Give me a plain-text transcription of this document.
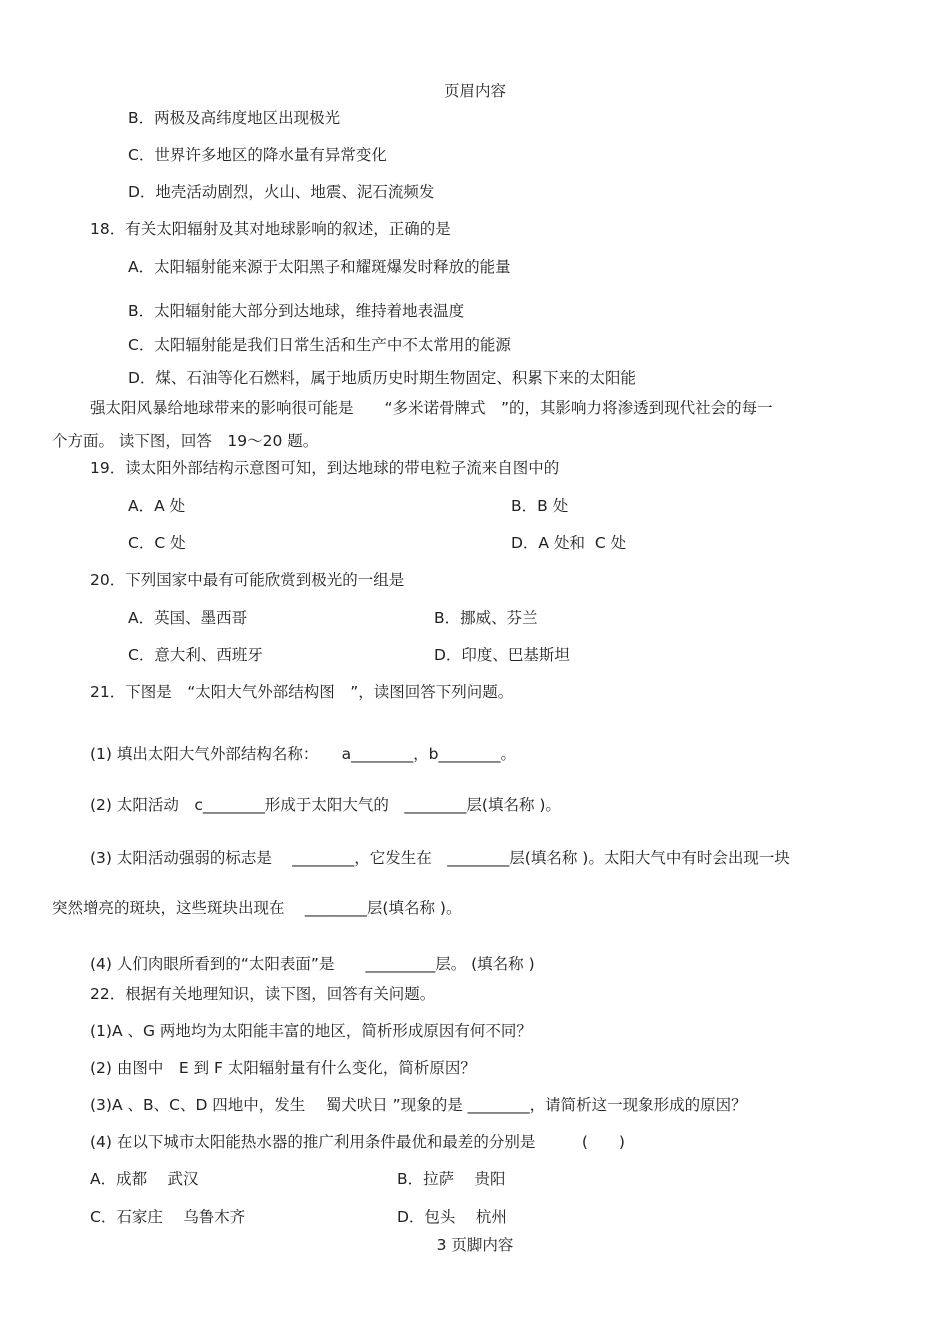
页眉内容
B．两极及高纬度地区出现极光
C．世界许多地区的降水量有异常变化
D．地壳活动剧烈，火山、地震、泥石流频发
18．有关太阳辐射及其对地球影响的叙述，正确的是
A．太阳辐射能来源于太阳黑子和耀斑爆发时释放的能量
B．太阳辐射能大部分到达地球，维持着地表温度
C．太阳辐射能是我们日常生活和生产中不太常用的能源
D．煤、石油等化石燃料，属于地质历史时期生物固定、积累下来的太阳能
强太阳风暴给地球带来的影响很可能是　　“多米诺骨牌式　”的，其影响力将渗透到现代社会的每一
个方面。 读下图，回答　19～20 题。
19．读太阳外部结构示意图可知，到达地球的带电粒子流来自图中的
A．A 处	B．B 处
C．C 处	D．A 处和  C 处
20．下列国家中最有可能欣赏到极光的一组是
A．英国、墨西哥	B．挪威、芬兰
C．意大利、西班牙	D．印度、巴基斯坦
21．下图是　“太阳大气外部结构图　”，读图回答下列问题。
(1) 填出太阳大气外部结构名称：　　a________，b________。
(2) 太阳活动　c________形成于太阳大气的　________层(填名称 )。
(3) 太阳活动强弱的标志是　 ________，它发生在　________层(填名称 )。太阳大气中有时会出现一块
突然增亮的斑块，这些斑块出现在　 ________层(填名称 )。
(4) 人们肉眼所看到的“太阳表面”是　　_________层。 (填名称 )
22．根据有关地理知识，读下图，回答有关问题。
(1)A 、G 两地均为太阳能丰富的地区，简析形成原因有何不同？
(2) 由图中　E 到 F 太阳辐射量有什么变化，简析原因？
(3)A 、B、C、D 四地中，发生　 蜀犬吠日 ”现象的是 ________，请简析这一现象形成的原因？
(4) 在以下城市太阳能热水器的推广利用条件最优和最差的分别是　　　(　　)
A．成都　 武汉	B．拉萨　 贵阳
C．石家庄　 乌鲁木齐	D．包头　 杭州
3 页脚内容
